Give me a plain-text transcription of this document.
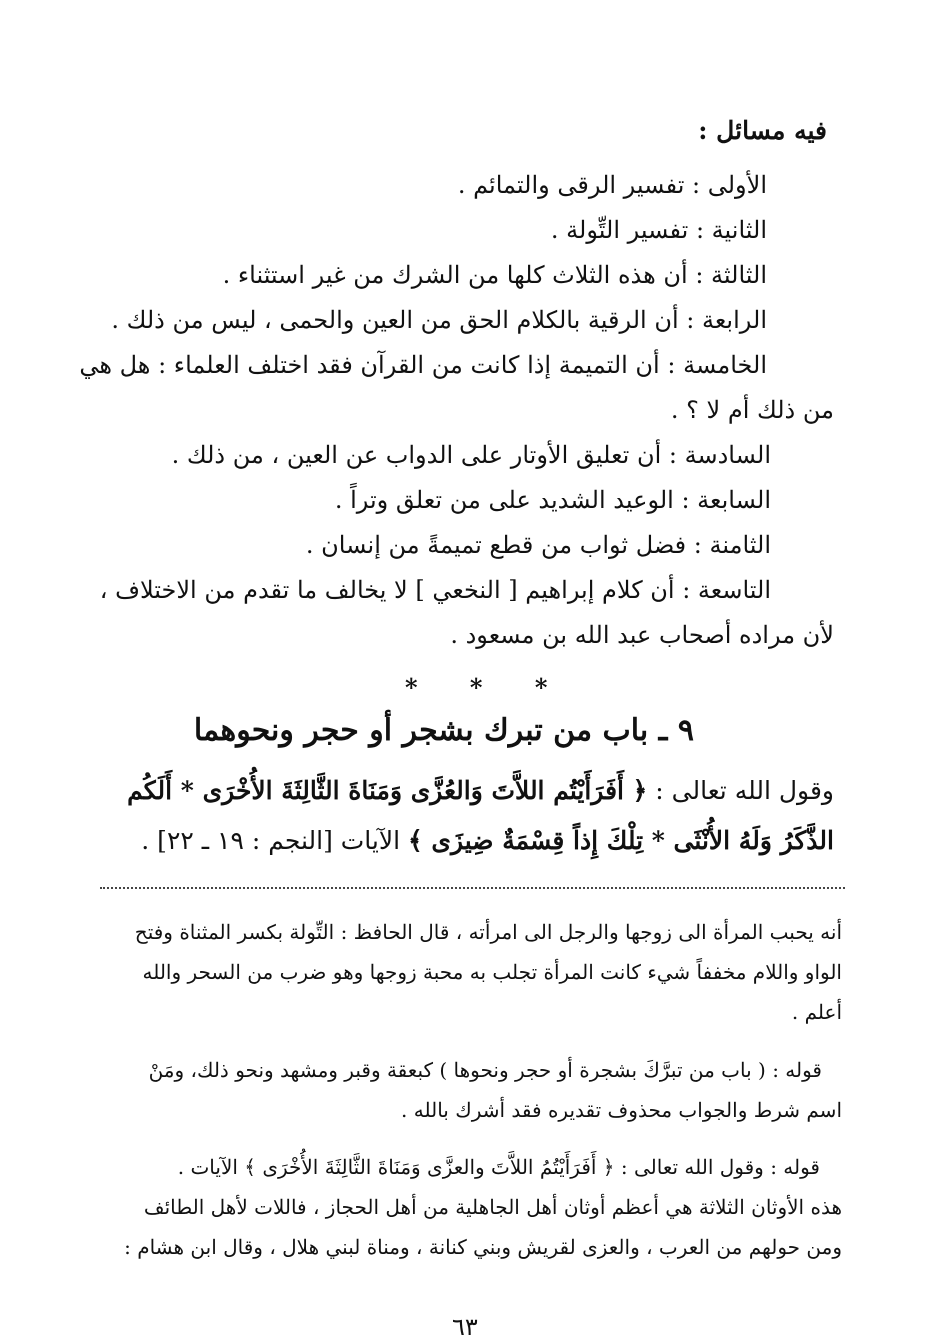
فيه مسائل :
الأولى : تفسير الرقى والتمائم .
الثانية : تفسير التِّولة .
الثالثة : أن هذه الثلاث كلها من الشرك من غير استثناء .
الرابعة : أن الرقية بالكلام الحق من العين والحمى ، ليس من ذلك .
الخامسة : أن التميمة إذا كانت من القرآن فقد اختلف العلماء : هل هي
من ذلك أم لا ؟ .
السادسة : أن تعليق الأوتار على الدواب عن العين ، من ذلك .
السابعة : الوعيد الشديد على من تعلق وتراً .
الثامنة : فضل ثواب من قطع تميمةً من إنسان .
التاسعة : أن كلام إبراهيم [ النخعي ] لا يخالف ما تقدم من الاختلاف ،
لأن مراده أصحاب عبد الله بن مسعود .
* * *
٩ ـ باب من تبرك بشجر أو حجر ونحوهما
وقول الله تعالى : ﴿ أَفَرَأَيْتُم اللاَّتَ وَالعُزَّى وَمَنَاةَ الثَّالِثَةَ الأُخْرَى * أَلَكُم
الذَّكَرُ وَلَهُ الأُنْثَى * تِلْكَ إِذاً قِسْمَةٌ ضِيزَى ﴾ الآيات [النجم : ١٩ ـ ٢٢] .
أنه يحبب المرأة الى زوجها والرجل الى امرأته ، قال الحافظ : التِّولة بكسر المثناة وفتح
الواو واللام مخففاً شيء كانت المرأة تجلب به محبة زوجها وهو ضرب من السحر والله
أعلم .
قوله : ( باب من تبرَّكَ بشجرة أو حجر ونحوها ) كبعقة وقبر ومشهد ونحو ذلك، ومَنْ
اسم شرط والجواب محذوف تقديره فقد أشرك بالله .
قوله : وقول الله تعالى : ﴿ أَفَرَأَيْتُمُ اللاَّتَ والعزَّى وَمَنَاةَ الثَّالِثَةَ الأُخْرَى ﴾ الآيات .
هذه الأوثان الثلاثة هي أعظم أوثان أهل الجاهلية من أهل الحجاز ، فاللات لأهل الطائف
ومن حولهم من العرب ، والعزى لقريش وبني كنانة ، ومناة لبني هلال ، وقال ابن هشام :
٦٣
